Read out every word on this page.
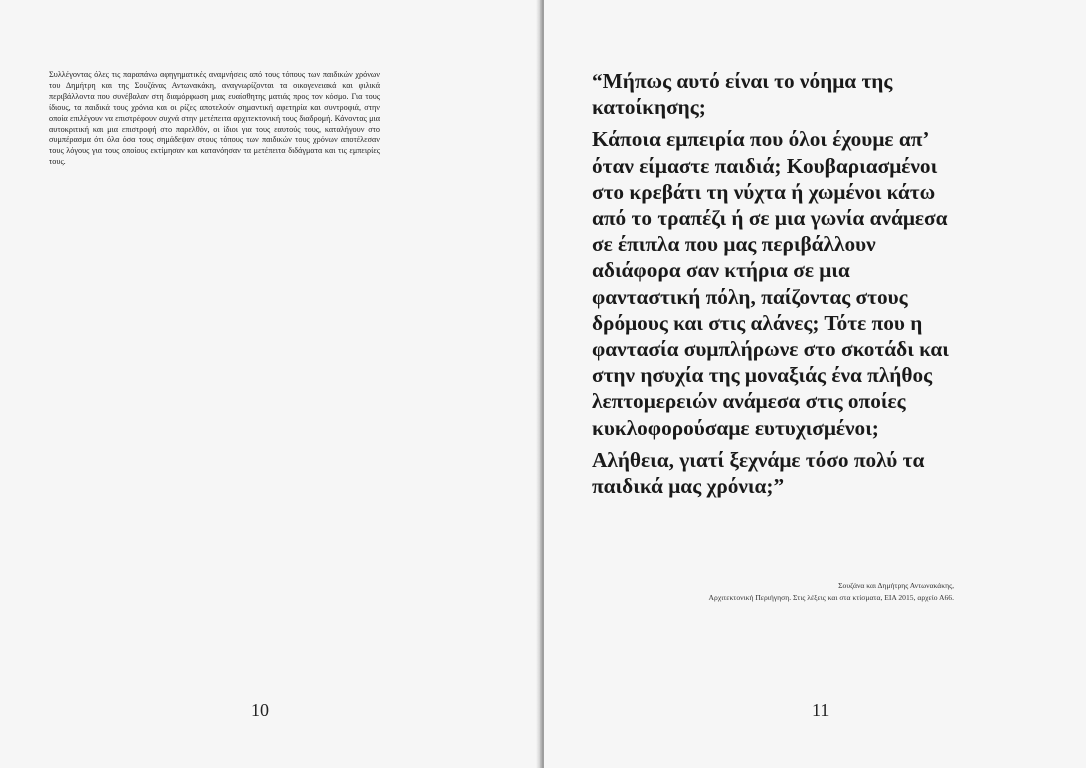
Συλλέγοντας όλες τις παραπάνω αφηγηματικές αναμνήσεις από τους τόπους των παιδικών χρόνων του Δημήτρη και της Σουζάνας Αντωνακάκη, αναγνωρίζονται τα οικογενειακά και φιλικά περιβάλλοντα που συνέβαλαν στη διαμόρφωση μιας ευαίσθητης ματιάς προς τον κόσμο. Για τους ίδιους, τα παιδικά τους χρόνια και οι ρίζες αποτελούν σημαντική αφετηρία και συντροφιά, στην οποία επιλέγουν να επιστρέφουν συχνά στην μετέπειτα αρχιτεκτονική τους διαδρομή. Κάνοντας μια αυτοκριτική και μια επιστροφή στο παρελθόν, οι ίδιοι για τους εαυτούς τους, καταλήγουν στο συμπέρασμα ότι όλα όσα τους σημάδεψαν στους τόπους των παιδικών τους χρόνων αποτέλεσαν τους λόγους για τους οποίους εκτίμησαν και κατανόησαν τα μετέπειτα διδάγματα και τις εμπειρίες τους.
10

“Μήπως αυτό είναι το νόημα της κατοίκησης;

Κάποια εμπειρία που όλοι έχουμε απ’ όταν είμαστε παιδιά; Κουβαριασμένοι στο κρεβάτι τη νύχτα ή χωμένοι κάτω από το τραπέζι ή σε μια γωνία ανάμεσα σε έπιπλα που μας περιβάλλουν αδιάφορα σαν κτήρια σε μια φανταστική πόλη, παίζοντας στους δρόμους και στις αλάνες; Τότε που η φαντασία συμπλήρωνε στο σκοτάδι και στην ησυχία της μοναξιάς ένα πλήθος λεπτομερειών ανάμεσα στις οποίες κυκλοφορούσαμε ευτυχισμένοι;

Αλήθεια, γιατί ξεχνάμε τόσο πολύ τα παιδικά μας χρόνια;”

Σουζάνα και Δημήτρης Αντωνακάκης,
Αρχιτεκτονική Περιήγηση. Στις λέξεις και στα κτίσματα, ΕΙΑ 2015, αρχείο Α66.
11
